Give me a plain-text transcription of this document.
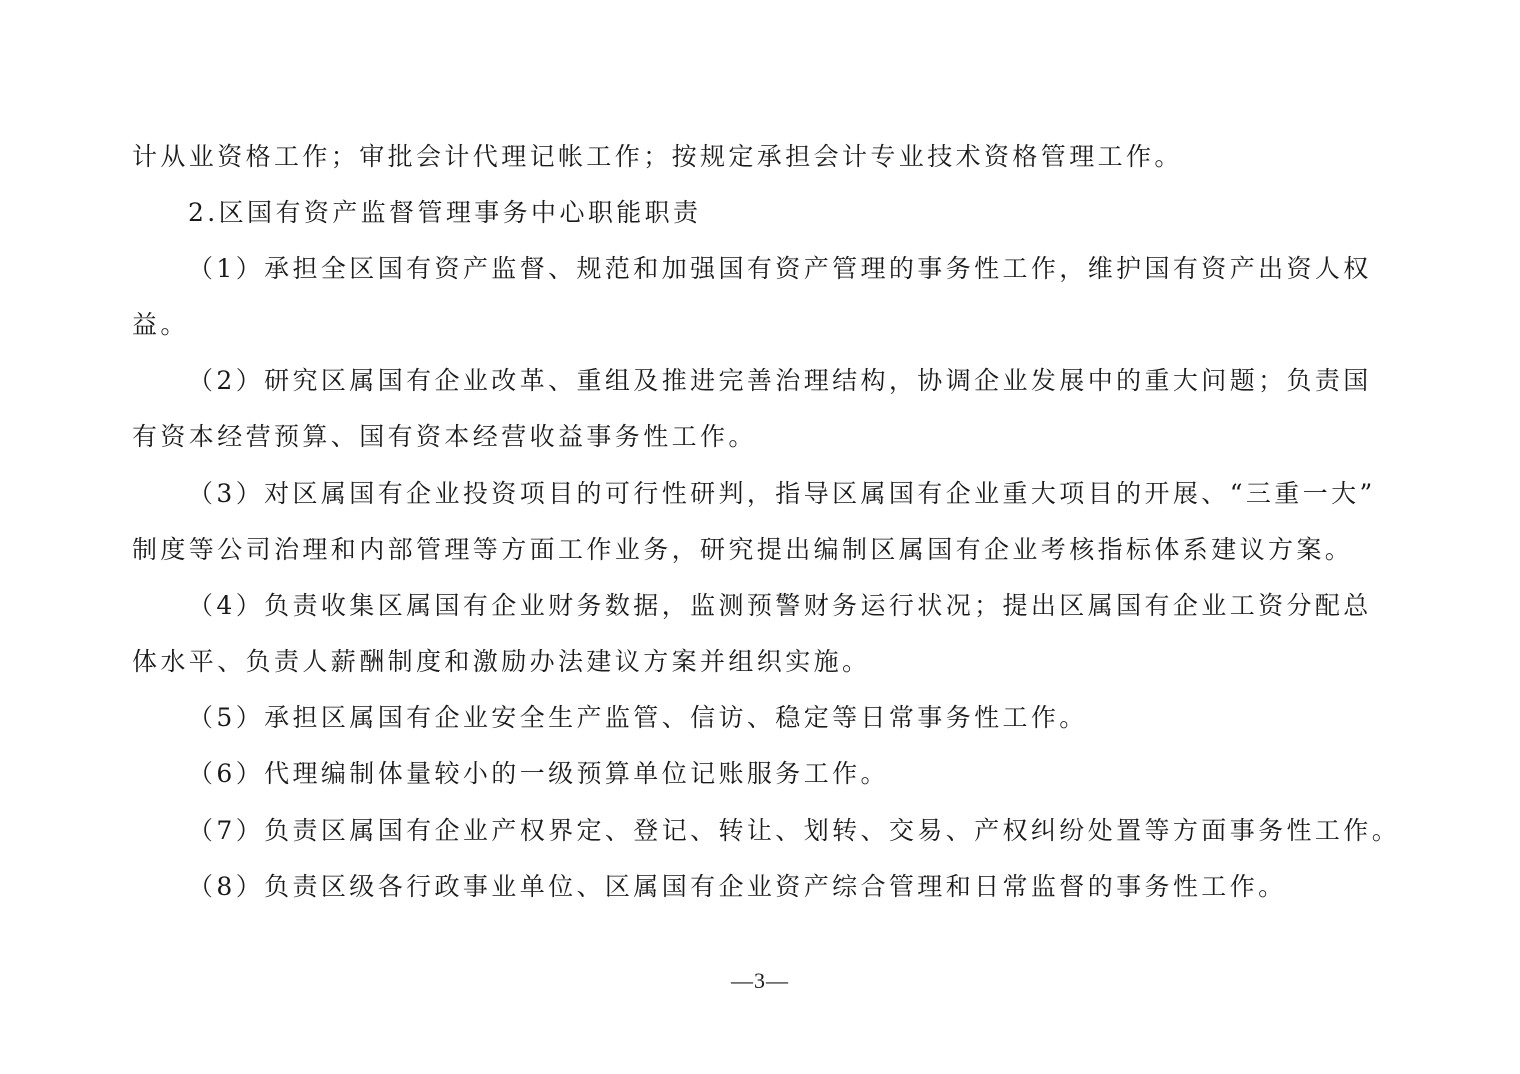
计从业资格工作；审批会计代理记帐工作；按规定承担会计专业技术资格管理工作。
2.区国有资产监督管理事务中心职能职责
（1）承担全区国有资产监督、规范和加强国有资产管理的事务性工作，维护国有资产出资人权
益。
（2）研究区属国有企业改革、重组及推进完善治理结构，协调企业发展中的重大问题；负责国
有资本经营预算、国有资本经营收益事务性工作。
（3）对区属国有企业投资项目的可行性研判，指导区属国有企业重大项目的开展、“三重一大”
制度等公司治理和内部管理等方面工作业务，研究提出编制区属国有企业考核指标体系建议方案。
（4）负责收集区属国有企业财务数据，监测预警财务运行状况；提出区属国有企业工资分配总
体水平、负责人薪酬制度和激励办法建议方案并组织实施。
（5）承担区属国有企业安全生产监管、信访、稳定等日常事务性工作。
（6）代理编制体量较小的一级预算单位记账服务工作。
（7）负责区属国有企业产权界定、登记、转让、划转、交易、产权纠纷处置等方面事务性工作。
（8）负责区级各行政事业单位、区属国有企业资产综合管理和日常监督的事务性工作。
—3—
